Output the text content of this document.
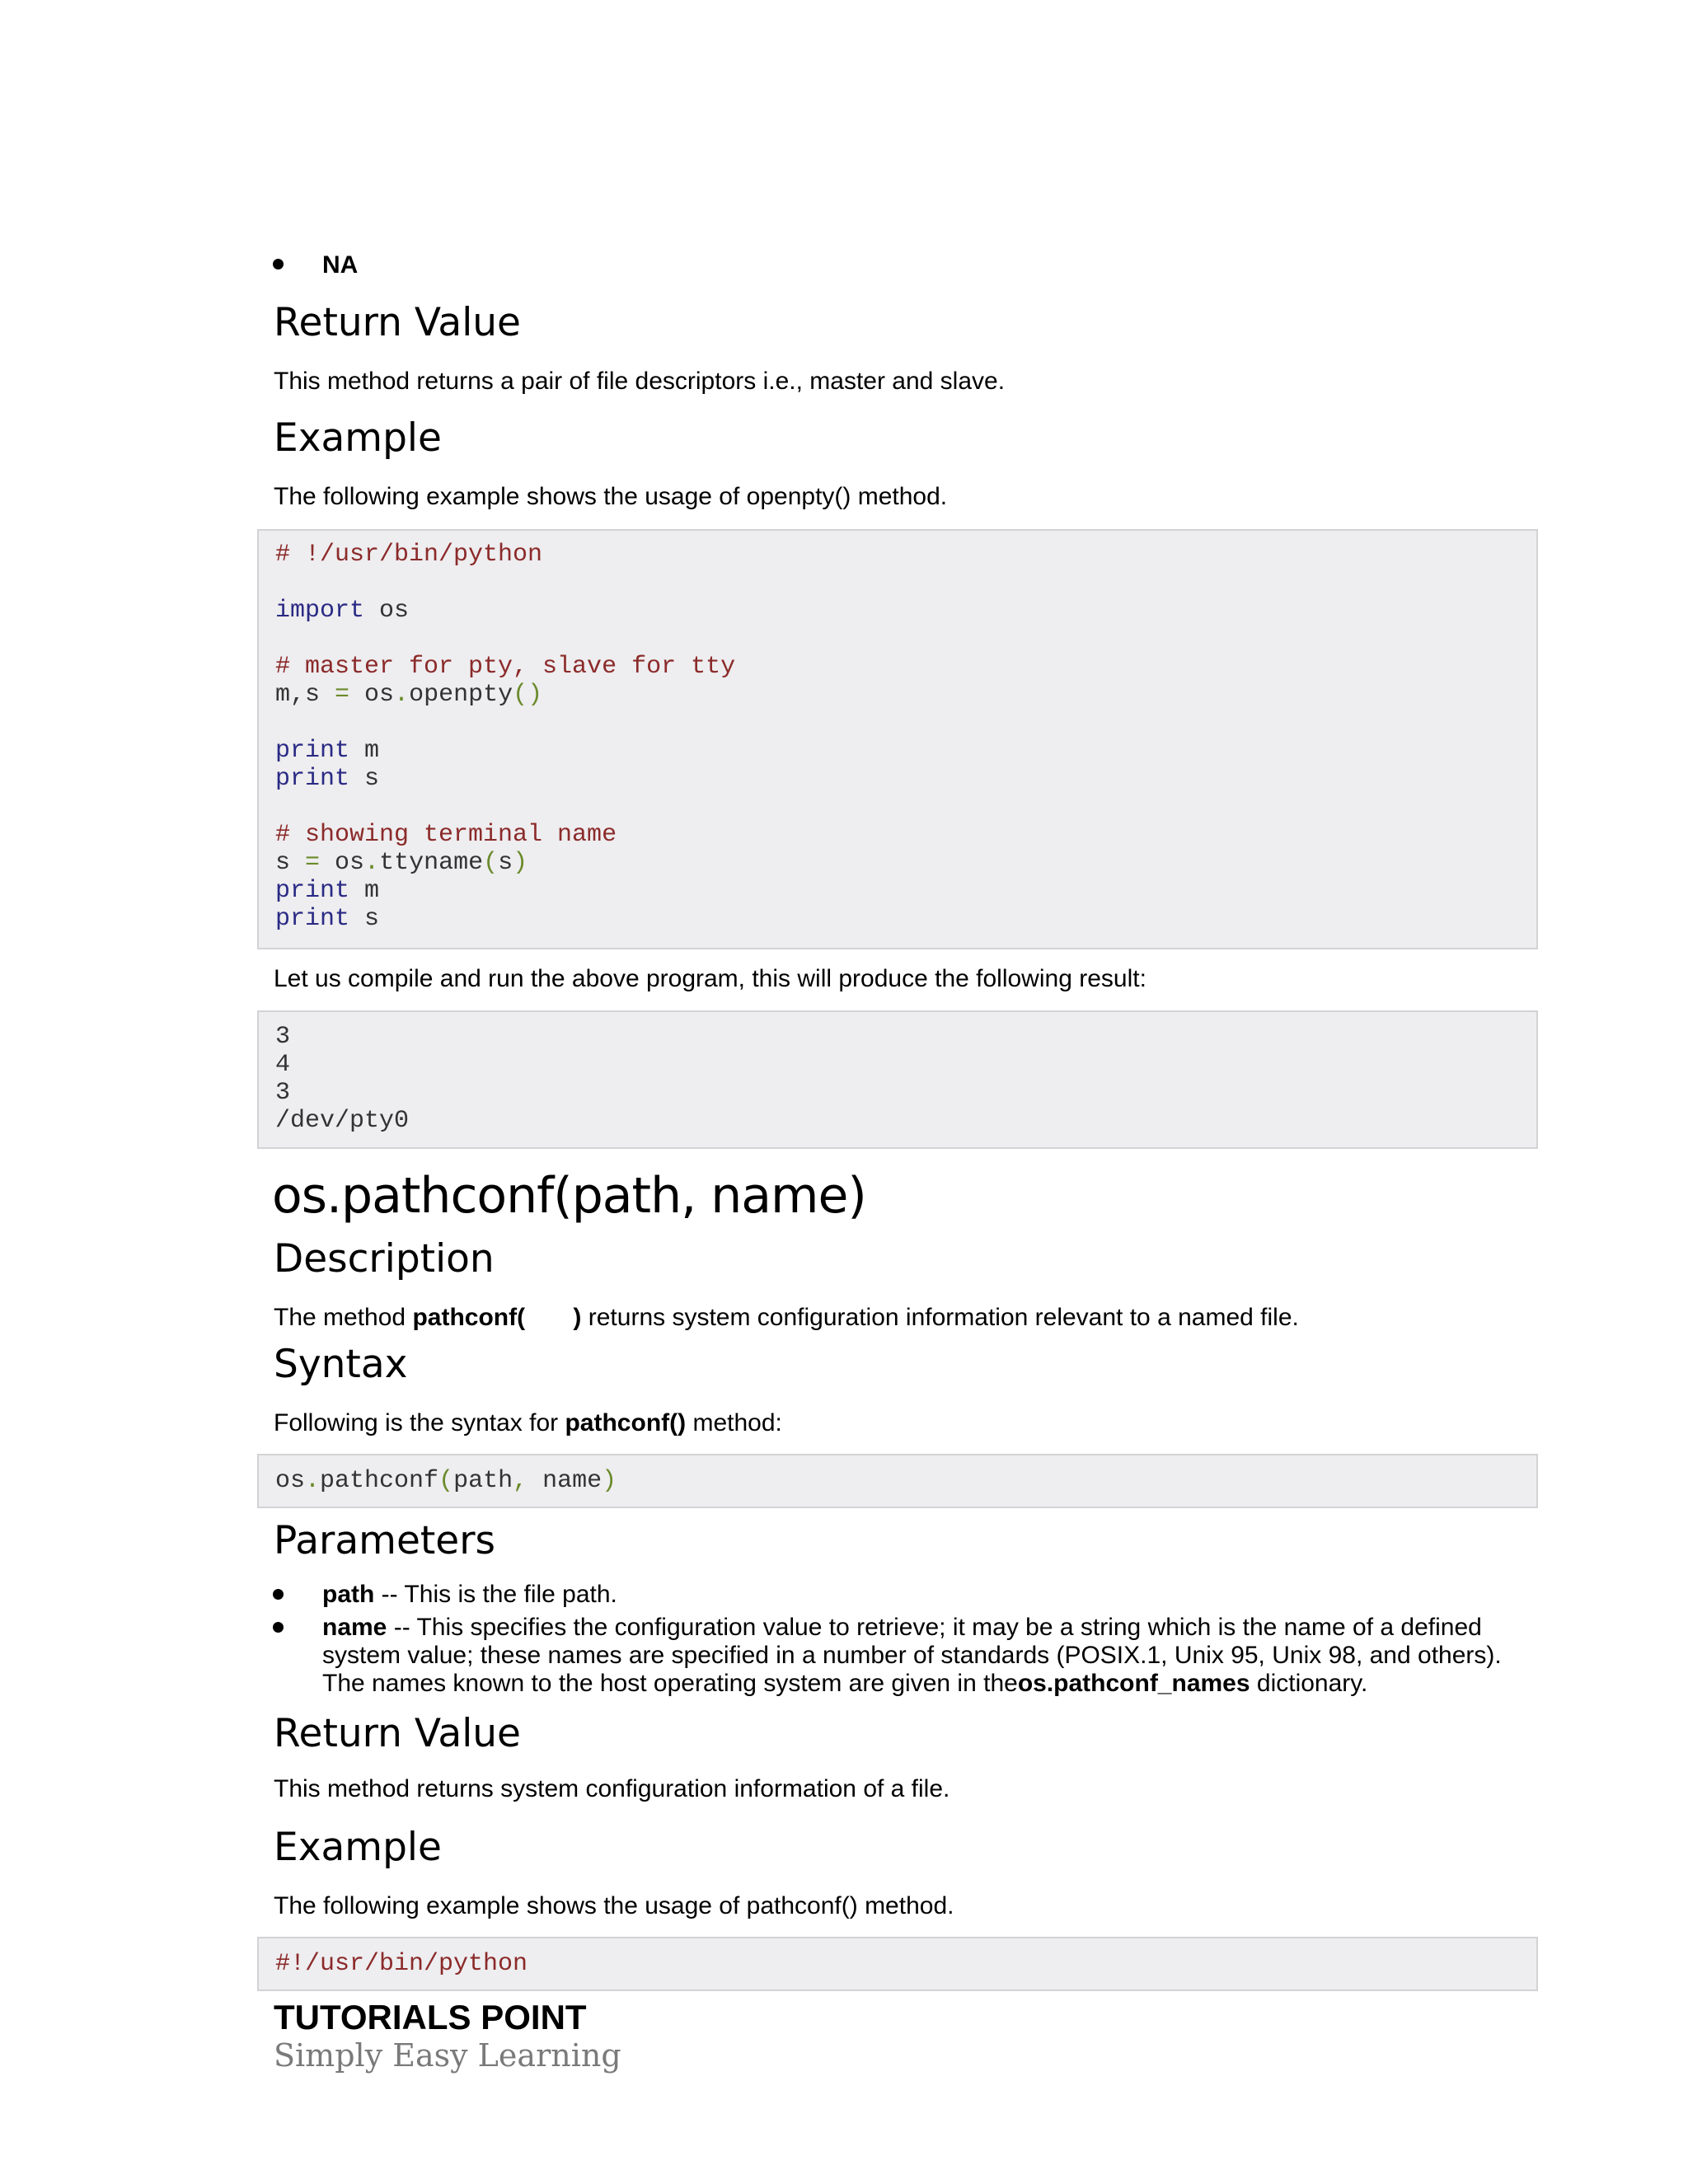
NA
Return Value
This method returns a pair of file descriptors i.e., master and slave.
Example
The following example shows the usage of openpty() method.
# !/usr/bin/python
import os
# master for pty, slave for tty
m,s = os.openpty()
print m
print s
# showing terminal name
s = os.ttyname(s)
print m
print s
Let us compile and run the above program, this will produce the following result:
3
4
3
/dev/pty0
os.pathconf(path, name)
Description
The method pathconf(       ) returns system configuration information relevant to a named file.
Syntax
Following is the syntax for pathconf() method:
os.pathconf(path, name)
Parameters
path -- This is the file path.
name -- This specifies the configuration value to retrieve; it may be a string which is the name of a defined
system value; these names are specified in a number of standards (POSIX.1, Unix 95, Unix 98, and others).
The names known to the host operating system are given in theos.pathconf_names dictionary.
Return Value
This method returns system configuration information of a file.
Example
The following example shows the usage of pathconf() method.
#!/usr/bin/python
TUTORIALS POINT
Simply Easy Learning
